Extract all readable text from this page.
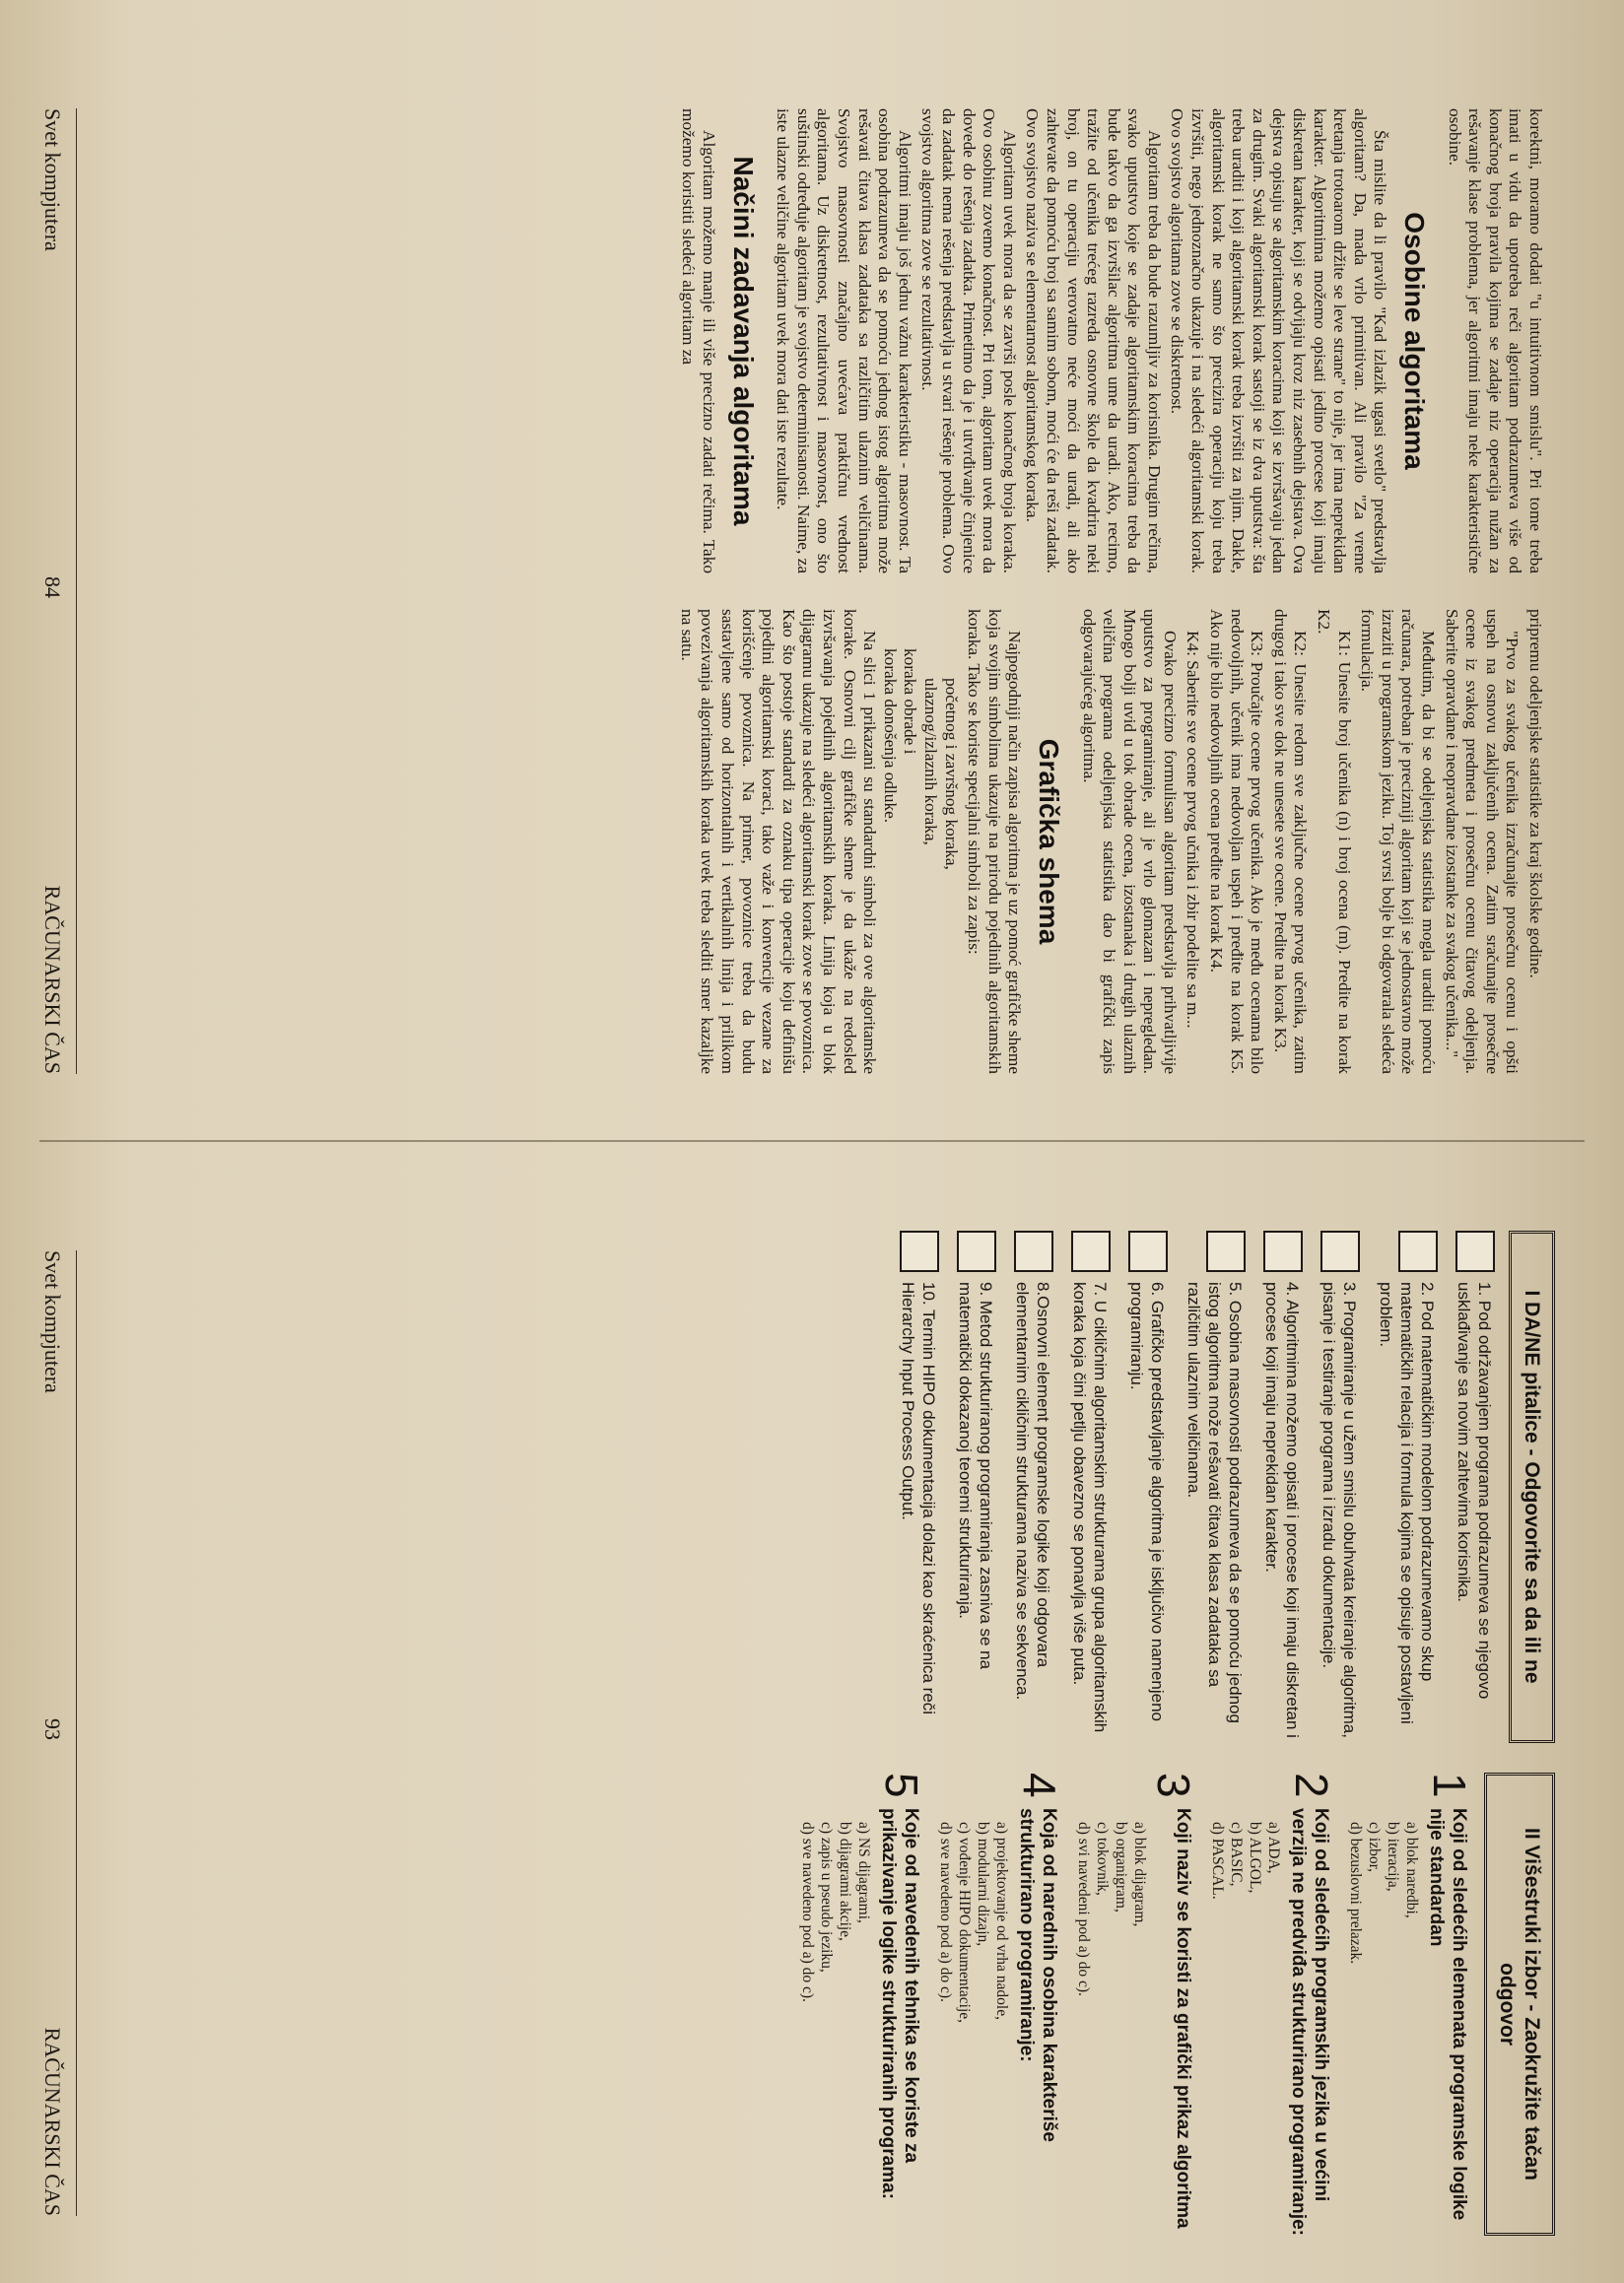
korektni, moramo dodati "u intuitivnom smislu". Pri tome treba imati u vidu da upotreba reči algoritam podrazumeva više od konačnog broja pravila kojima se zadaje niz operacija nužan za rešavanje klase problema, jer algoritmi imaju neke karakteristične osobine.

Osobine algoritama

Šta mislite da li pravilo "Kad izlazik ugasi svetlo" predstavlja algoritam? Da, mada vrlo primitivan. Ali pravilo "Za vreme kretanja trotoarom držite se leve strane" to nije, jer ima neprekidan karakter. Algoritmima možemo opisati jedino procese koji imaju diskretan karakter, koji se odvijaju kroz niz zasebnih dejstava. Ova dejstva opisuju se algoritamskim koracima koji se izvršavaju jedan za drugim. Svaki algoritamski korak sastoji se iz dva uputstva: šta treba uraditi i koji algoritamski korak treba izvršiti za njim. Dakle, algoritamski korak ne samo što precizira operaciju koju treba izvršiti, nego jednoznačno ukazuje i na sledeći algoritamski korak. Ovo svojstvo algoritama zove se diskretnost.

Algoritam treba da bude razumljiv za korisnika. Drugim rečima, svako uputstvo koje se zadaje algoritamskim koracima treba da bude takvo da ga izvršilac algoritma ume da uradi. Ako, recimo, tražite od učenika trećeg razreda osnovne škole da kvadrira neki broj, on tu operaciju verovatno neće moći da uradi, ali ako zahtevate da pomoću broj sa samim sobom, moći će da reši zadatak. Ovo svojstvo naziva se elementarnost algoritamskog koraka.

Algoritam uvek mora da se završi posle konačnog broja koraka. Ovo osobinu zovemo konačnost. Pri tom, algoritam uvek mora da dovede do rešenja zadatka. Primetimo da je i utvrđivanje činjenice da zadatak nema rešenja predstavlja u stvari rešenje problema. Ovo svojstvo algoritma zove se rezultativnost.

Algoritmi imaju još jednu važnu karakteristiku - masovnost. Ta osobina podrazumeva da se pomoću jednog istog algoritma može rešavati čitava klasa zadataka sa različitim ulaznim veličinama. Svojstvo masovnosti značajno uvećava praktičnu vrednost algoritama. Uz diskretnost, rezultativnost i masovnost, ono što suštinski određuje algoritam je svojstvo determinisanosti. Naime, za iste ulazne veličine algoritam uvek mora dati iste rezultate.

Načini zadavanja algoritama

Algoritam možemo manje ili više precizno zadati rečima. Tako možemo koristiti sledeći algoritam za

pripremu odeljenjske statistike za kraj školske godine.

"Prvo za svakog učenika izračunajte prosečnu ocenu i opšti uspeh na osnovu zaključenih ocena. Zatim sračunajte prosečne ocene iz svakog predmeta i prosečnu ocenu čitavog odeljenja. Saberite opravdane i neopravdane izostanke za svakog učenika..."

Međutim, da bi se odeljenjska statistika mogla uraditi pomoću računara, potreban je precizniji algoritam koji se jednostavno može izraziti u programskom jeziku. Toj svrsi bolje bi odgovarala sledeća formulacija.

K1: Unesite broj učenika (n) i broj ocena (m). Predite na korak K2.

K2: Unesite redom sve zaključne ocene prvog učenika, zatim drugog i tako sve dok ne unesete sve ocene. Predite na korak K3.

K3: Proučajte ocene prvog učenika. Ako je među ocenama bilo nedovoljnih, učenik ima nedovoljan uspeh i pređite na korak K5. Ako nije bilo nedovoljnih ocena pređite na korak K4.

K4: Saberite sve ocene prvog učnika i zbir podelite sa m...

Ovako precizno formulisan algoritam predstavlja prihvatljivije uputstvo za programiranje, ali je vrlo glomazan i nepregledan. Mnogo bolji uvid u tok obrade ocena, izostanaka i drugih ulaznih veličina programa odeljenjska statistika dao bi grafički zapis odgovarajućeg algoritma.

Grafička shema

Najpogodniji način zapisa algoritma je uz pomoć grafičke sheme koja svojim simbolima ukazuje na prirodu pojedinih algoritamskih koraka. Tako se koriste specijalni simboli za zapis:

početnog i završnog koraka,

ulaznog/izlaznih koraka,

koraka obrade i

koraka donošenja odluke.

Na slici 1 prikazani su standardni simboli za ove algoritamske korake. Osnovni cilj grafičke sheme je da ukaže na redosled izvršavanja pojedinih algoritamskih koraka. Linija koja u blok dijagramu ukazuje na sledeći algoritamski korak zove se povoznica. Kao što postoje standardi za oznaku tipa operacije koju definišu pojedini algoritamski koraci, tako važe i konvencije vezane za korišćenje povoznica. Na primer, povoznice treba da budu sastavljene samo od horizontalnih i vertikalnih linija i prilikom povezivanja algoritamskih koraka uvek treba slediti smer kazaljke na satu.

Svet kompjutera
84
RAČUNARSKI ČAS
I DA/NE pitalice - Odgovorite sa da ili ne
1. Pod održavanjem programa podrazumeva se njegovo usklađivanje sa novim zahtevima korisnika.
2. Pod matematičkim modelom podrazumevamo skup matematičkih relacija i formula kojima se opisuje postavljeni problem.
3. Programiranje u užem smislu obuhvata kreiranje algoritma, pisanje i testiranje programa i izradu dokumentacije.
4. Algoritmima možemo opisati i procese koji imaju diskretan i procese koji imaju neprekidan karakter.
5. Osobina masovnosti podrazumeva da se pomoću jednog istog algoritma može rešavati čitava klasa zadataka sa različitim ulaznim veličinama.
6. Grafičko predstavljanje algoritma je isključivo namenjeno programiranju.
7. U cikličnim algoritamskim strukturama grupa algoritamskih koraka koja čini petlju obavezno se ponavlja više puta.
8.Osnovni element programske logike koji odgovara elementarnim cikličnim strukturama naziva se sekvenca.
9. Metod strukturiranog programiranja zasniva se na matematički dokazanoj teoremi strukturiranja.
10. Termin HIPO dokumentacija dolazi kao skraćenica reči Hierarchy Input Process Output.
II Višestruki izbor - Zaokružite tačan odgovor
1
Koji od sledećih elemenata programske logike nije standardan
a) blok naredbi,
b) iteracija,
c) izbor,
d) bezuslovni prelazak.
2
Koji od sledećih programskih jezika u većini verzija ne predviđa strukturirano programiranje:
a) ADA,
b) ALGOL,
c) BASIC,
d) PASCAL.
3
Koji naziv se koristi za grafički prikaz algoritma
a) blok dijagram,
b) organigram,
c) tokovnik,
d) svi navedeni pod a) do c).
4
Koja od narednih osobina karakteriše strukturirano programiranje:
a) projektovanje od vrha nadole,
b) modularni dizajn,
c) vođenje HIPO dokumentacije,
d) sve navedeno pod a) do c).
5
Koje od navedenih tehnika se koriste za prikazivanje logike strukturiranih programa:
a) NS dijagrami,
b) dijagrami akcije,
c) zapis u pseudo jeziku,
d) sve navedeno pod a) do c).
Svet kompjutera
93
RAČUNARSKI ČAS
